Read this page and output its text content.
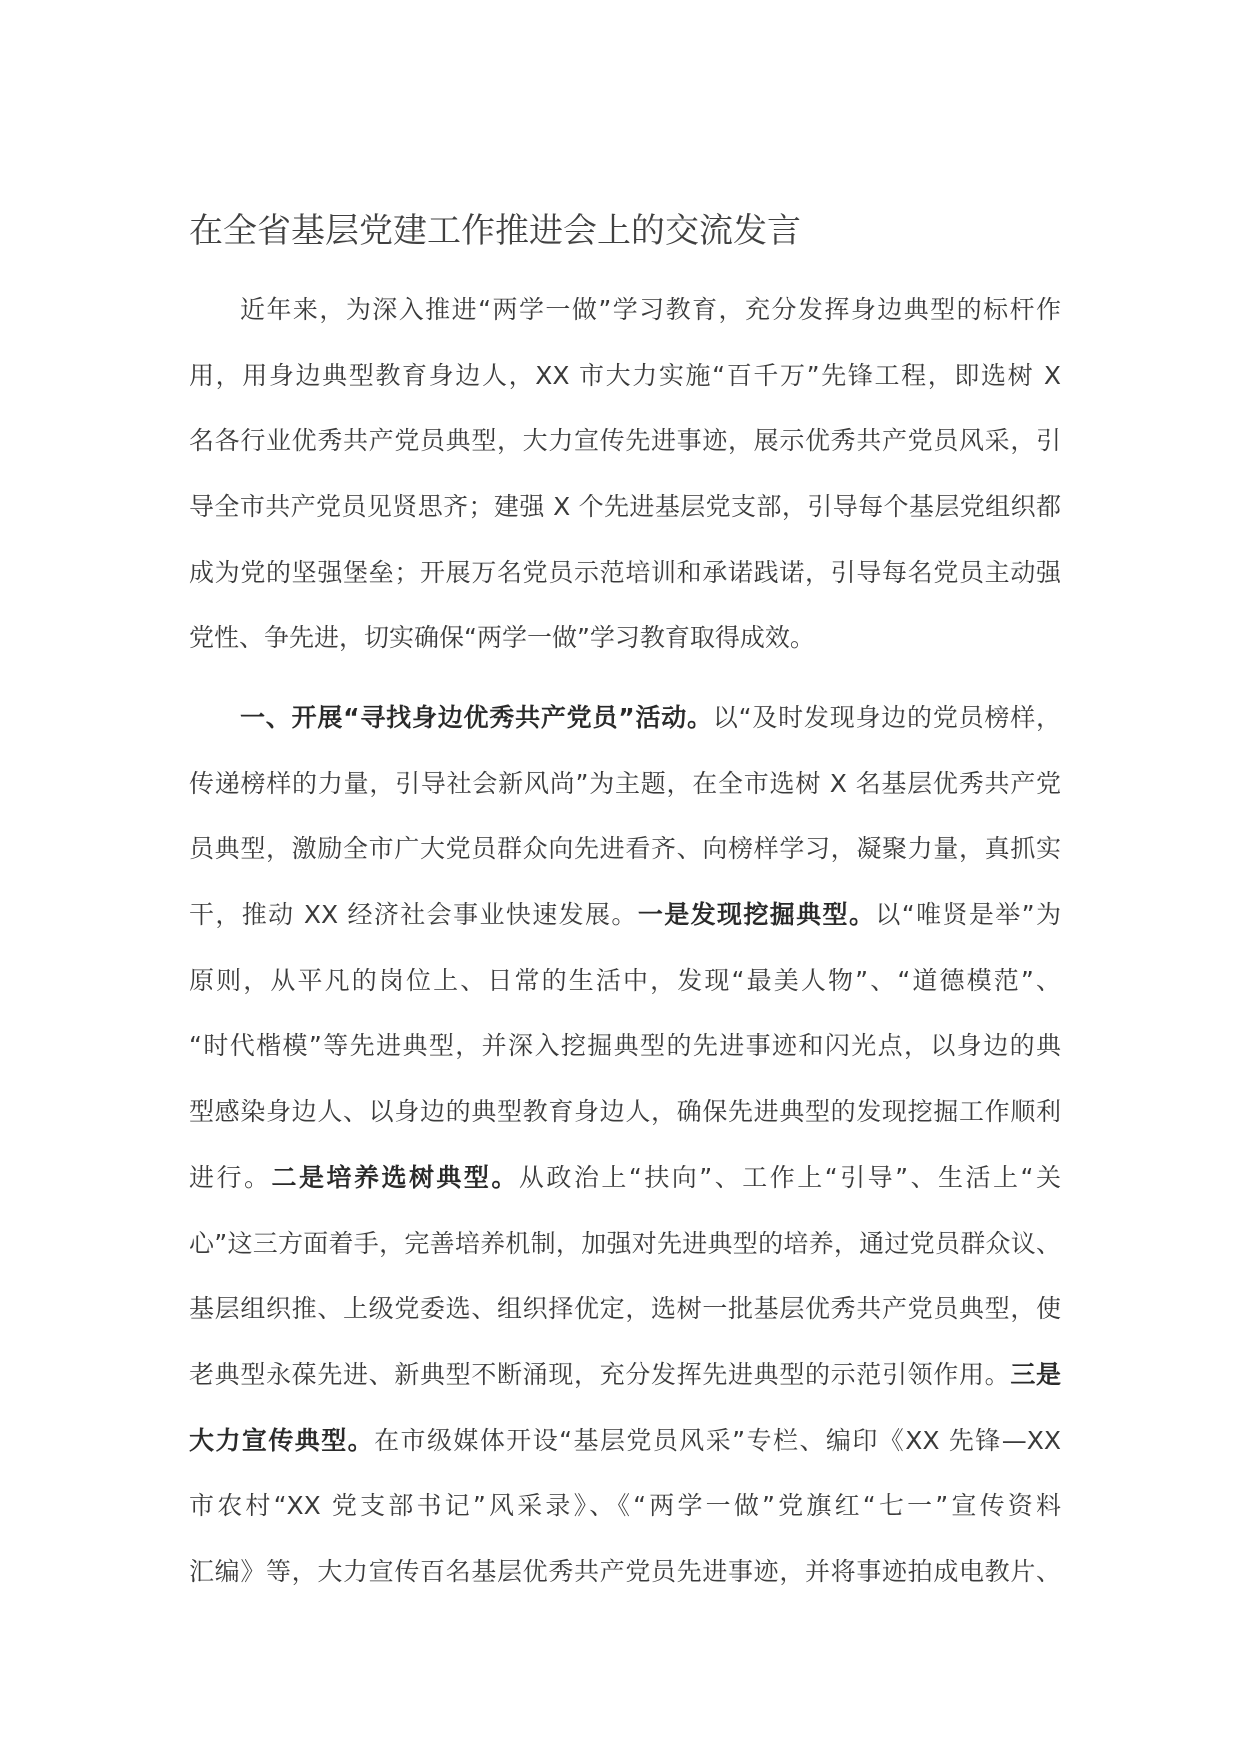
在全省基层党建工作推进会上的交流发言
近年来，为深入推进“两学一做”学习教育，充分发挥身边典型的标杆作
用，用身边典型教育身边人，XX 市大力实施“百千万”先锋工程，即选树 X
名各行业优秀共产党员典型，大力宣传先进事迹，展示优秀共产党员风采，引
导全市共产党员见贤思齐；建强 X 个先进基层党支部，引导每个基层党组织都
成为党的坚强堡垒；开展万名党员示范培训和承诺践诺，引导每名党员主动强
党性、争先进，切实确保“两学一做”学习教育取得成效。
一、开展“寻找身边优秀共产党员”活动。以“及时发现身边的党员榜样，
传递榜样的力量，引导社会新风尚”为主题，在全市选树 X 名基层优秀共产党
员典型，激励全市广大党员群众向先进看齐、向榜样学习，凝聚力量，真抓实
干，推动 XX 经济社会事业快速发展。一是发现挖掘典型。以“唯贤是举”为
原则，从平凡的岗位上、日常的生活中，发现“最美人物”、“道德模范”、
“时代楷模”等先进典型，并深入挖掘典型的先进事迹和闪光点，以身边的典
型感染身边人、以身边的典型教育身边人，确保先进典型的发现挖掘工作顺利
进行。二是培养选树典型。从政治上“扶向”、工作上“引导”、生活上“关
心”这三方面着手，完善培养机制，加强对先进典型的培养，通过党员群众议、
基层组织推、上级党委选、组织择优定，选树一批基层优秀共产党员典型，使
老典型永葆先进、新典型不断涌现，充分发挥先进典型的示范引领作用。三是
大力宣传典型。在市级媒体开设“基层党员风采”专栏、编印《XX 先锋—XX
市农村“XX 党支部书记”风采录》、《“两学一做”党旗红“七一”宣传资料
汇编》等，大力宣传百名基层优秀共产党员先进事迹，并将事迹拍成电教片、
